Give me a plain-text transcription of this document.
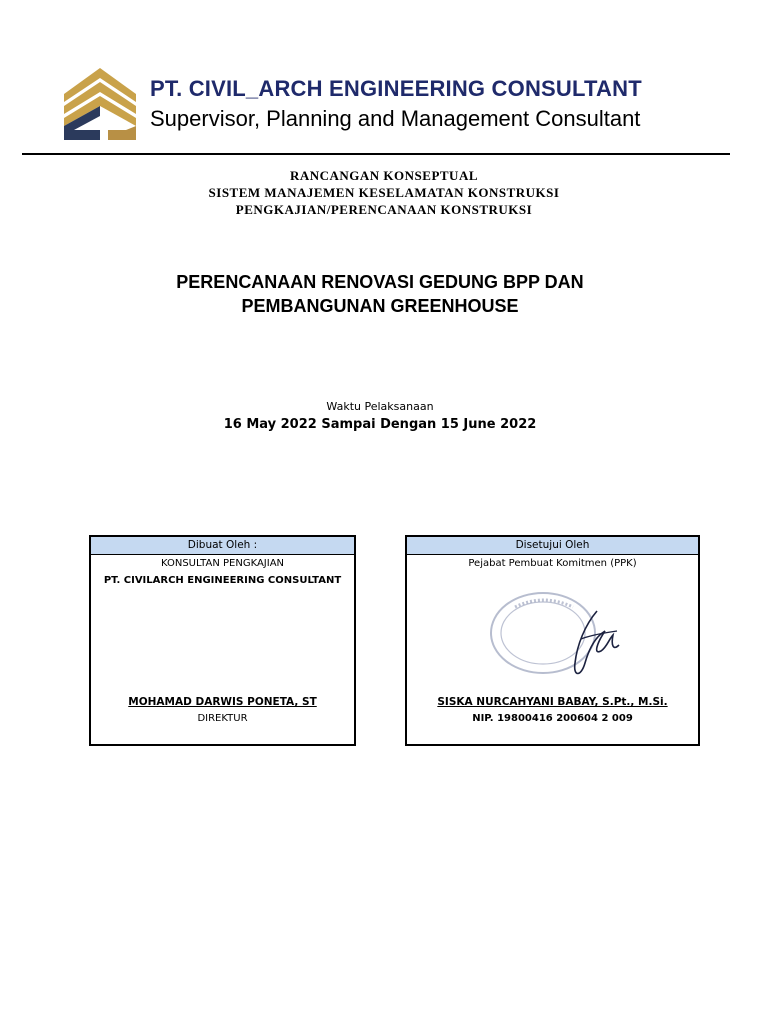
PT. CIVIL_ARCH ENGINEERING CONSULTANT
Supervisor, Planning and Management Consultant
RANCANGAN KONSEPTUAL
SISTEM MANAJEMEN KESELAMATAN KONSTRUKSI
PENGKAJIAN/PERENCANAAN KONSTRUKSI
PERENCANAAN RENOVASI GEDUNG BPP DAN
PEMBANGUNAN GREENHOUSE
Waktu Pelaksanaan
16 May 2022 Sampai Dengan 15 June 2022
Dibuat Oleh :
KONSULTAN PENGKAJIAN
PT. CIVILARCH ENGINEERING CONSULTANT
MOHAMAD DARWIS PONETA, ST
DIREKTUR
Disetujui Oleh
Pejabat Pembuat Komitmen (PPK)
SISKA NURCAHYANI BABAY, S.Pt., M.Si.
NIP. 19800416 200604 2 009
